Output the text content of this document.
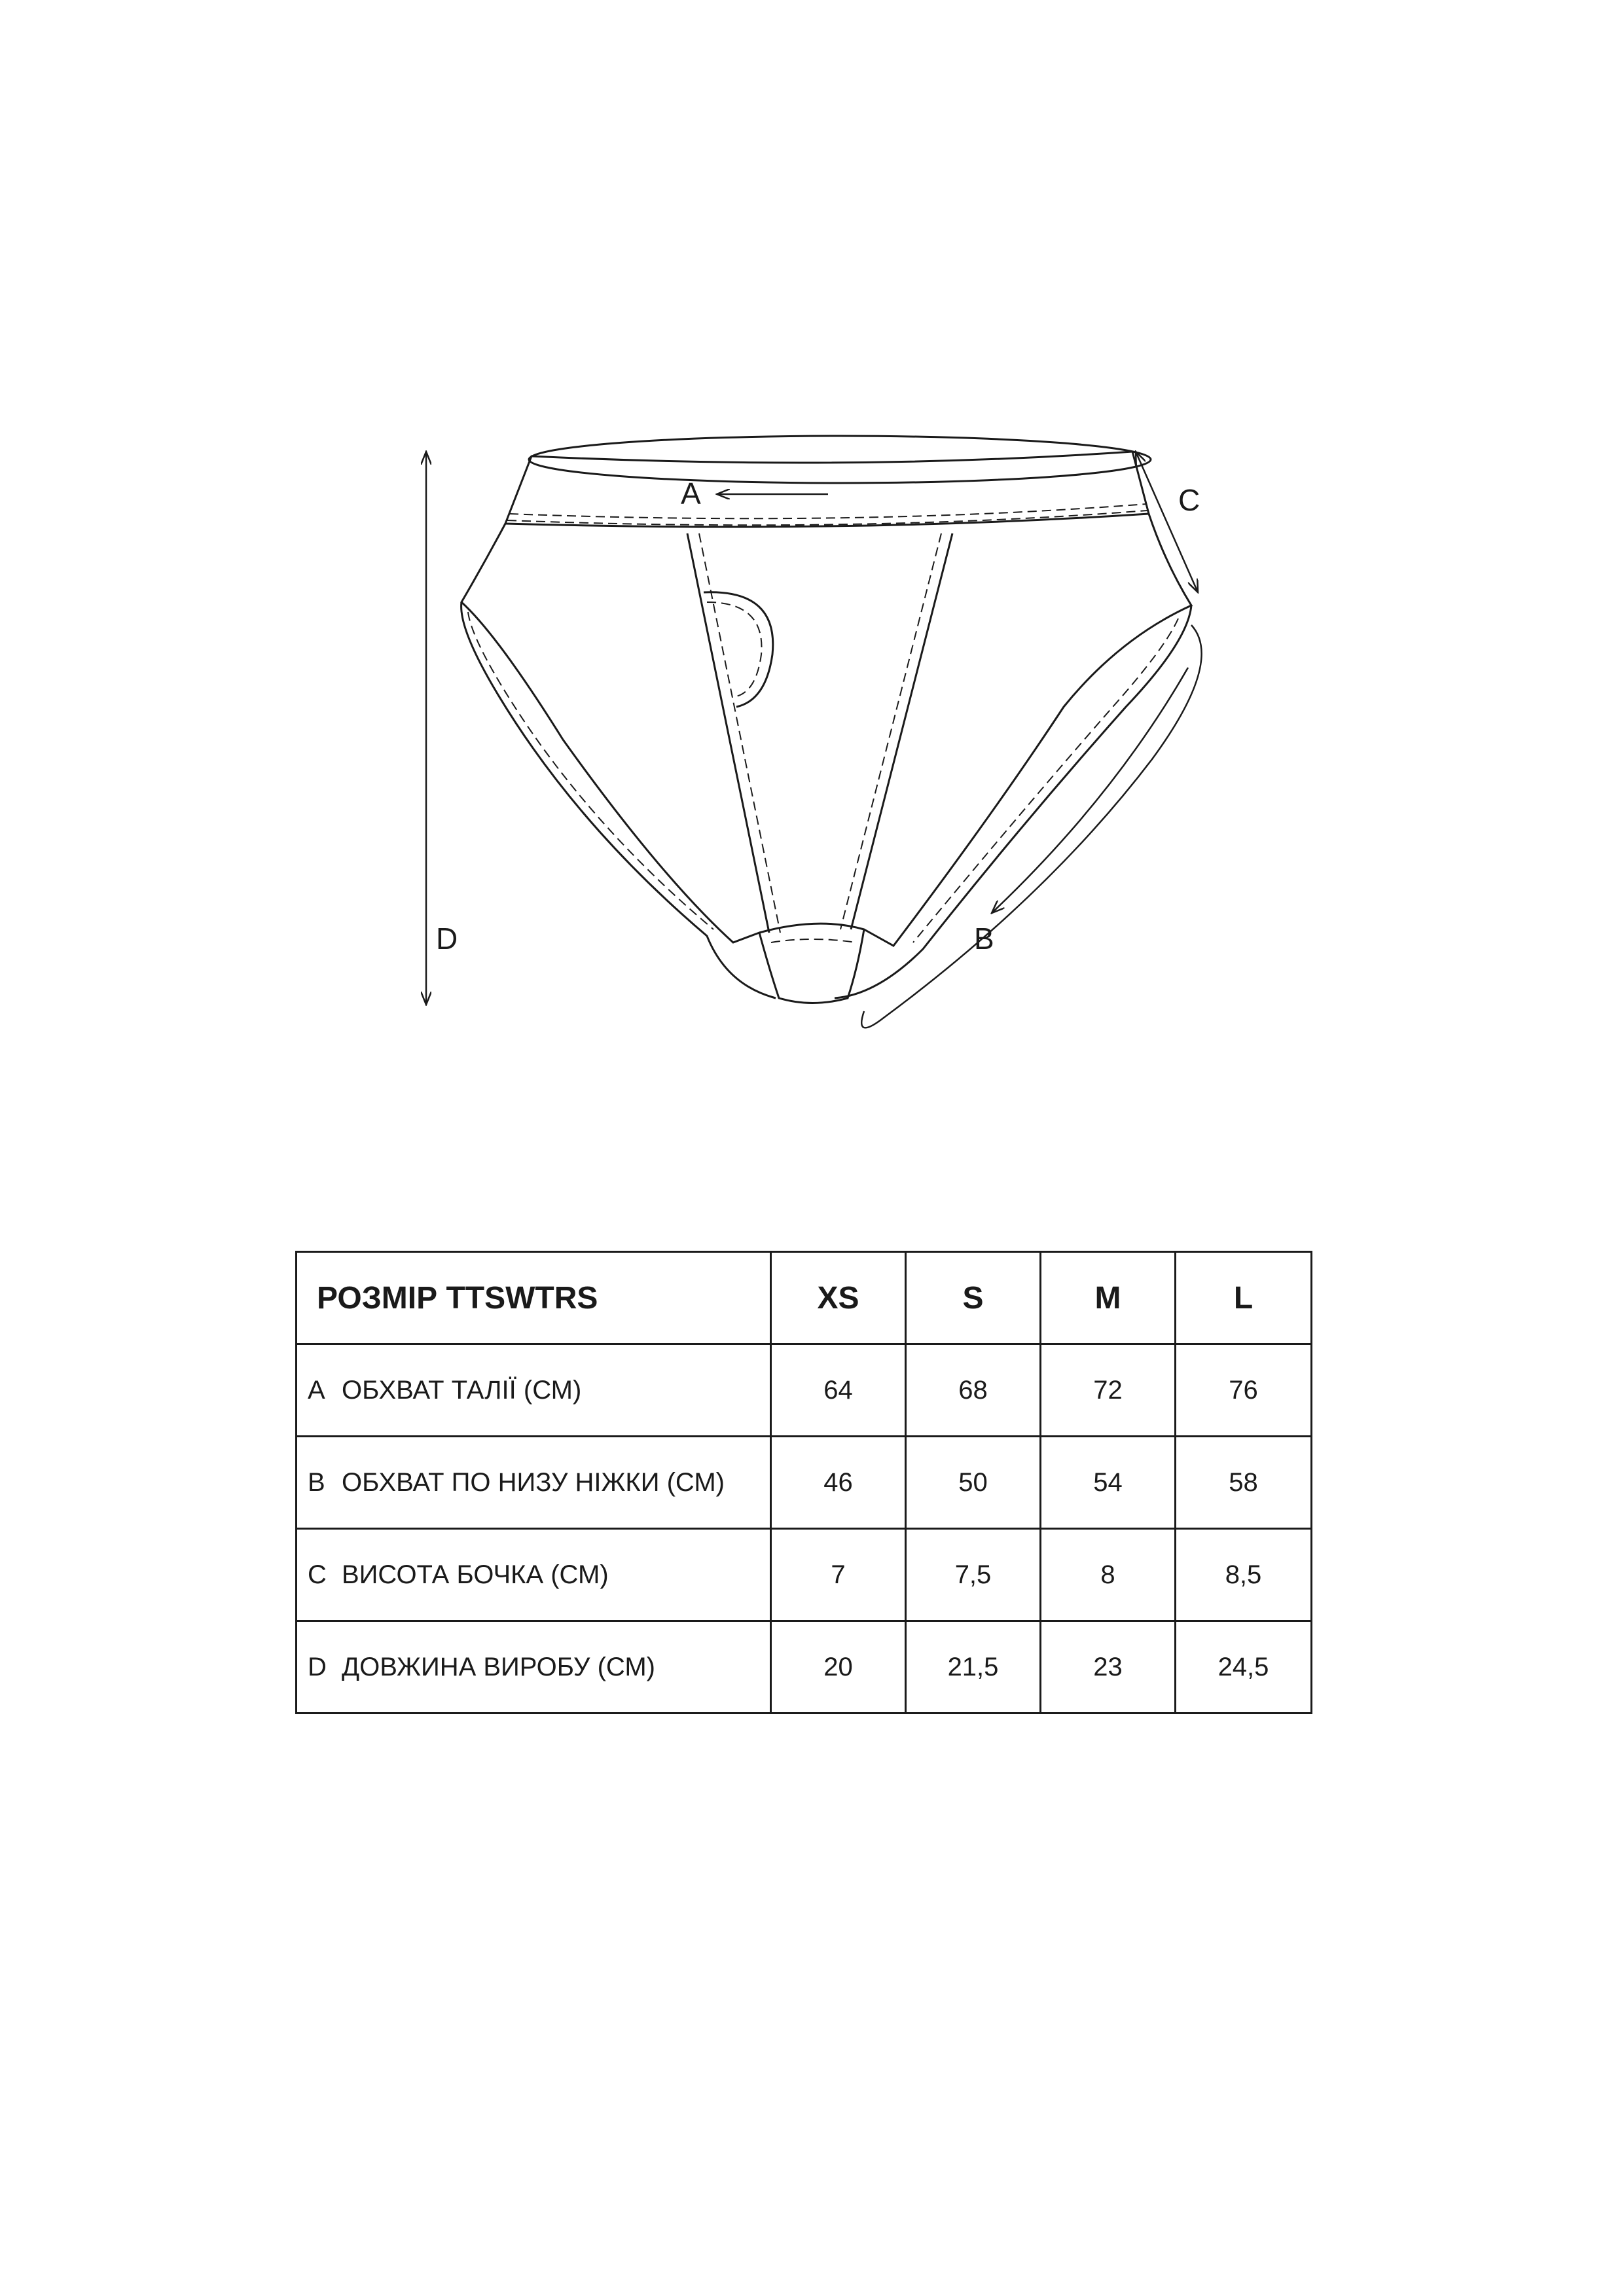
A	C
D	B
РОЗМІР TTSWTRS	XS	S	M	L
A ОБХВАТ ТАЛІЇ (СМ)	64	68	72	76
B ОБХВАТ ПО НИЗУ НІЖКИ (СМ)	46	50	54	58
C ВИСОТА БОЧКА (СМ)	7	7,5	8	8,5
D ДОВЖИНА ВИРОБУ (СМ)	20	21,5	23	24,5
